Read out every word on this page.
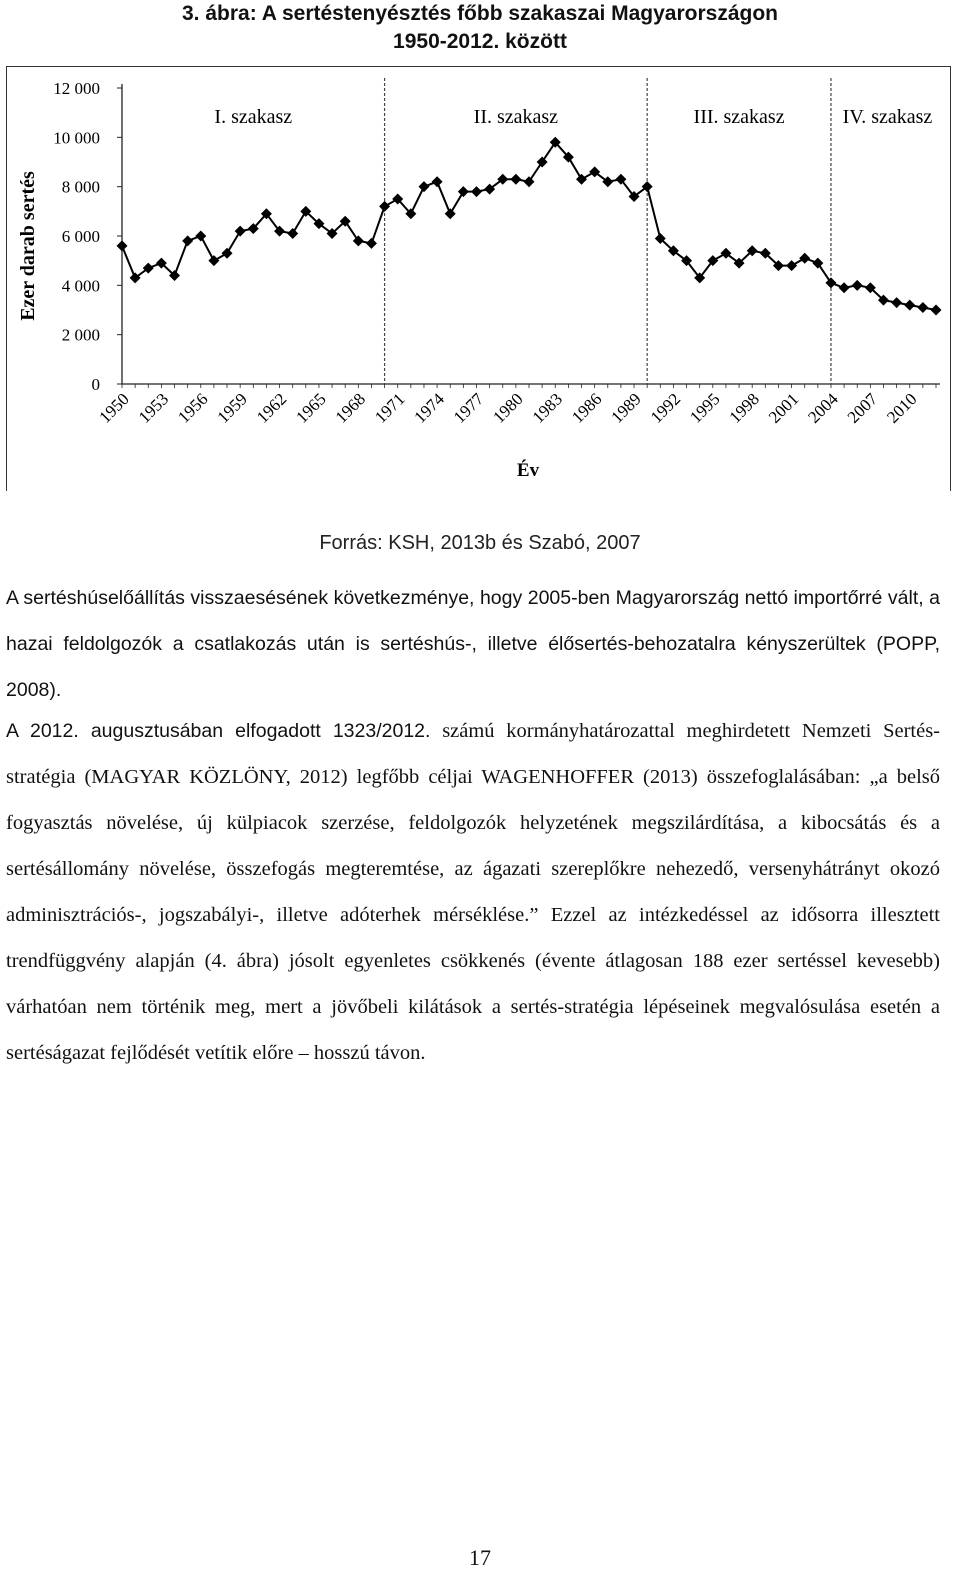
3. ábra: A sertéstenyésztés főbb szakaszai Magyarországon
1950-2012. között
0
2 000
4 000
6 000
8 000
10 000
12 000
1950 1953 1956 1959 1962 1965 1968 1971 1974 1977 1980 1983 1986 1989 1992 1995 1998 2001 2004 2007 2010
I. szakasz	II. szakasz	III. szakasz	IV. szakasz
Ezer darab sertés
Év
Forrás: KSH, 2013b és Szabó, 2007
A sertéshúselőállítás visszaesésének következménye, hogy 2005-ben Magyarország nettó importőrré vált, a hazai feldolgozók a csatlakozás után is sertéshús-, illetve élősertés-behozatalra kényszerültek (POPP, 2008).
A 2012. augusztusában elfogadott 1323/2012. számú kormányhatározattal meghirdetett Nemzeti Sertés-stratégia (MAGYAR KÖZLÖNY, 2012) legfőbb céljai WAGENHOFFER (2013) összefoglalásában: „a belső fogyasztás növelése, új külpiacok szerzése, feldolgozók helyzetének megszilárdítása, a kibocsátás és a sertésállomány növelése, összefogás megteremtése, az ágazati szereplőkre nehezedő, versenyhátrányt okozó adminisztrációs-, jogszabályi-, illetve adóterhek mérséklése.” Ezzel az intézkedéssel az idősorra illesztett trendfüggvény alapján (4. ábra) jósolt egyenletes csökkenés (évente átlagosan 188 ezer sertéssel kevesebb) várhatóan nem történik meg, mert a jövőbeli kilátások a sertés-stratégia lépéseinek megvalósulása esetén a sertéságazat fejlődését vetítik előre – hosszú távon.
17
